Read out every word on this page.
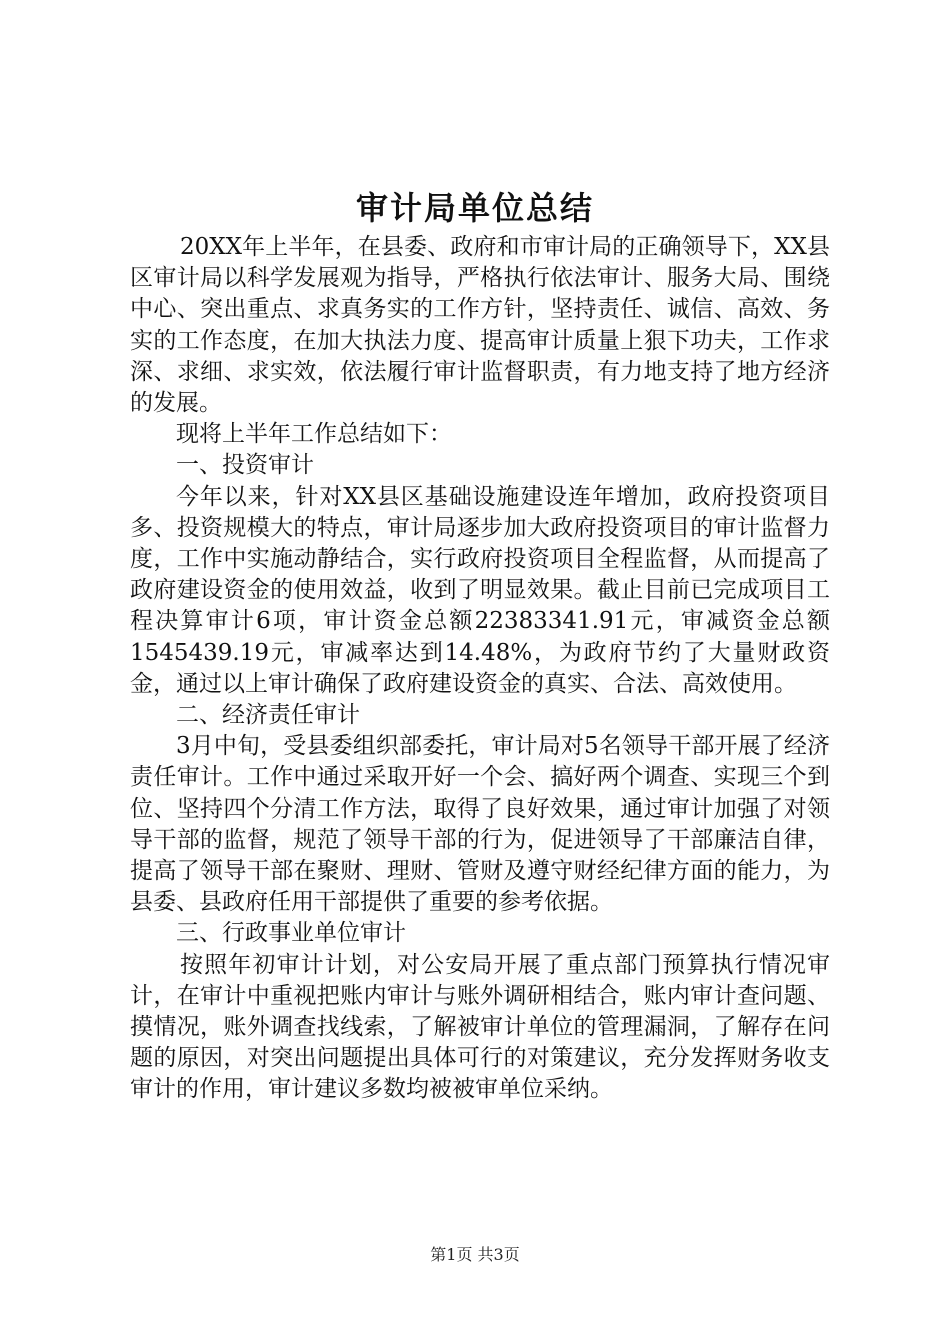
审计局单位总结

20XX年上半年，在县委、政府和市审计局的正确领导下，XX县区审计局以科学发展观为指导，严格执行依法审计、服务大局、围绕中心、突出重点、求真务实的工作方针，坚持责任、诚信、高效、务实的工作态度，在加大执法力度、提高审计质量上狠下功夫，工作求深、求细、求实效，依法履行审计监督职责，有力地支持了地方经济的发展。

现将上半年工作总结如下：

一、投资审计

今年以来，针对XX县区基础设施建设连年增加，政府投资项目多、投资规模大的特点，审计局逐步加大政府投资项目的审计监督力度，工作中实施动静结合，实行政府投资项目全程监督，从而提高了政府建设资金的使用效益，收到了明显效果。截止目前已完成项目工程决算审计6项，审计资金总额22383341.91元，审减资金总额1545439.19元，审减率达到14.48%，为政府节约了大量财政资金，通过以上审计确保了政府建设资金的真实、合法、高效使用。

二、经济责任审计

3月中旬，受县委组织部委托，审计局对5名领导干部开展了经济责任审计。工作中通过采取开好一个会、搞好两个调查、实现三个到位、坚持四个分清工作方法，取得了良好效果，通过审计加强了对领导干部的监督，规范了领导干部的行为，促进领导了干部廉洁自律，提高了领导干部在聚财、理财、管财及遵守财经纪律方面的能力，为县委、县政府任用干部提供了重要的参考依据。

三、行政事业单位审计

按照年初审计计划，对公安局开展了重点部门预算执行情况审计，在审计中重视把账内审计与账外调研相结合，账内审计查问题、摸情况，账外调查找线索，了解被审计单位的管理漏洞，了解存在问题的原因，对突出问题提出具体可行的对策建议，充分发挥财务收支审计的作用，审计建议多数均被被审单位采纳。

第1页 共3页
